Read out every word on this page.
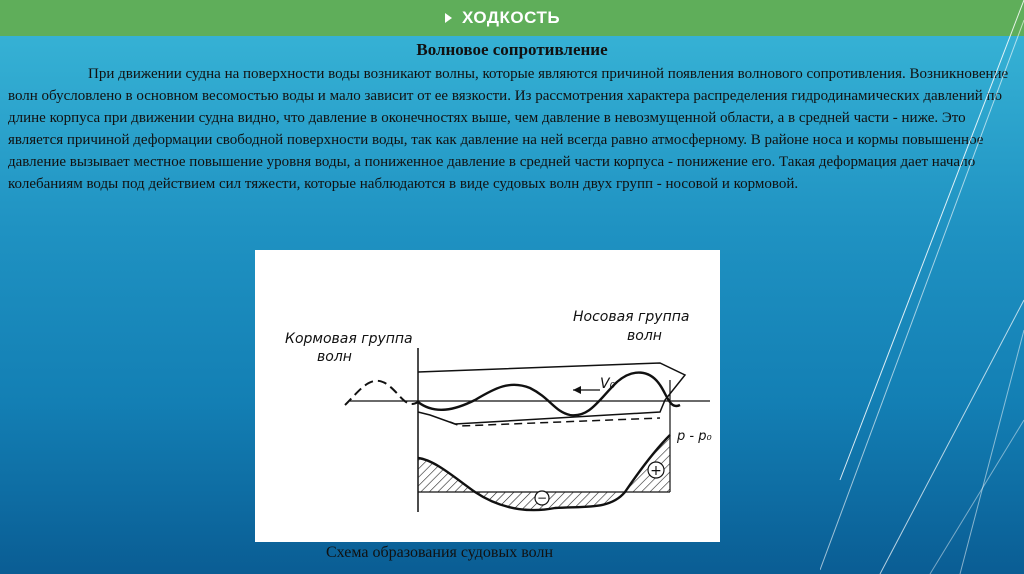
ХОДКОСТЬ
Волновое сопротивление
При движении судна на поверхности воды возникают волны, которые являются причиной появления волнового сопротивления. Возникновение волн обусловлено в основном весомостью воды и мало зависит от ее вязкости. Из рассмотрения характера распределения гидродинамических давлений по длине корпуса при движении судна видно, что давление в оконечностях выше, чем давление в невозмущенной области, а в средней части - ниже. Это является причиной деформации свободной поверхности воды, так как давление на ней всегда равно атмосферному. В районе носа и кормы повышенное давление вызывает местное повышение уровня воды, а пониженное давление в средней части корпуса - понижение его. Такая деформация дает начало колебаниям воды под действием сил тяжести, которые наблюдаются в виде судовых волн двух групп - носовой и кормовой.
Кормовая группа
волн
Носовая группа
волн
V₀
p - p₀
−
+
Схема образования судовых волн
